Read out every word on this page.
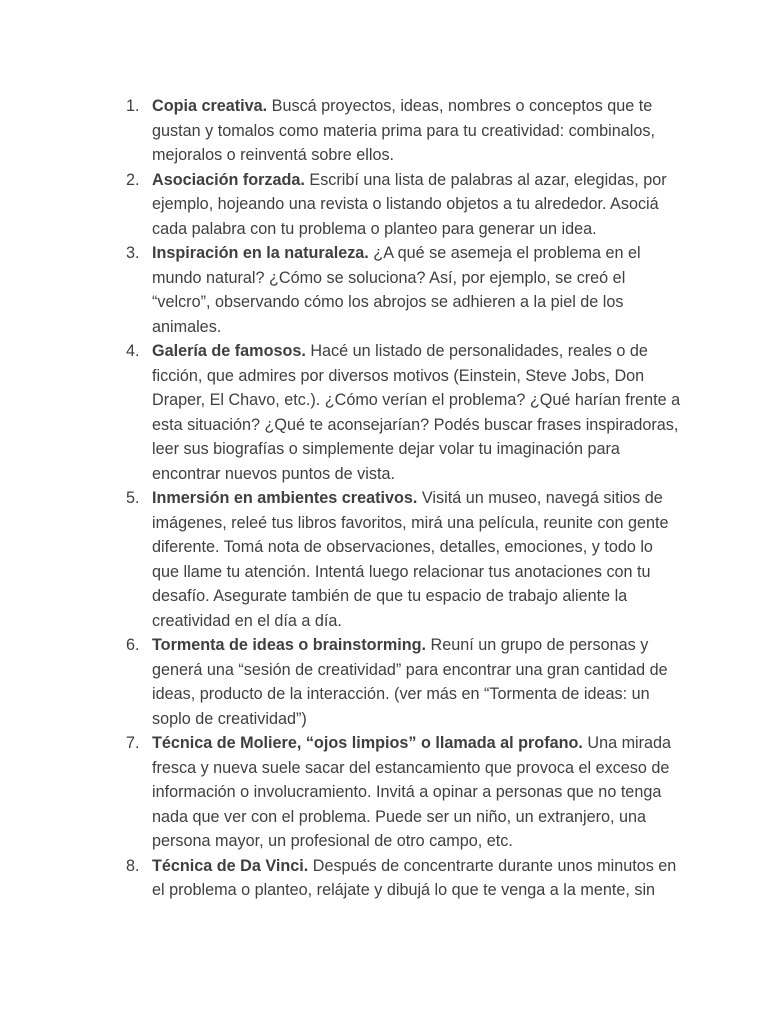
1. Copia creativa. Buscá proyectos, ideas, nombres o conceptos que te gustan y tomalos como materia prima para tu creatividad: combinalos, mejoralos o reinventá sobre ellos.
2. Asociación forzada. Escribí una lista de palabras al azar, elegidas, por ejemplo, hojeando una revista o listando objetos a tu alrededor. Asociá cada palabra con tu problema o planteo para generar un idea.
3. Inspiración en la naturaleza. ¿A qué se asemeja el problema en el mundo natural? ¿Cómo se soluciona? Así, por ejemplo, se creó el “velcro”, observando cómo los abrojos se adhieren a la piel de los animales.
4. Galería de famosos. Hacé un listado de personalidades, reales o de ficción, que admires por diversos motivos (Einstein, Steve Jobs, Don Draper, El Chavo, etc.). ¿Cómo verían el problema? ¿Qué harían frente a esta situación? ¿Qué te aconsejarían? Podés buscar frases inspiradoras, leer sus biografías o simplemente dejar volar tu imaginación para encontrar nuevos puntos de vista.
5. Inmersión en ambientes creativos. Visitá un museo, navegá sitios de imágenes, releé tus libros favoritos, mirá una película, reunite con gente diferente. Tomá nota de observaciones, detalles, emociones, y todo lo que llame tu atención. Intentá luego relacionar tus anotaciones con tu desafío. Asegurate también de que tu espacio de trabajo aliente la creatividad en el día a día.
6. Tormenta de ideas o brainstorming. Reuní un grupo de personas y generá una “sesión de creatividad” para encontrar una gran cantidad de ideas, producto de la interacción. (ver más en “Tormenta de ideas: un soplo de creatividad”)
7. Técnica de Moliere, “ojos limpios” o llamada al profano. Una mirada fresca y nueva suele sacar del estancamiento que provoca el exceso de información o involucramiento. Invitá a opinar a personas que no tenga nada que ver con el problema. Puede ser un niño, un extranjero, una persona mayor, un profesional de otro campo, etc.
8. Técnica de Da Vinci. Después de concentrarte durante unos minutos en el problema o planteo, relájate y dibujá lo que te venga a la mente, sin
